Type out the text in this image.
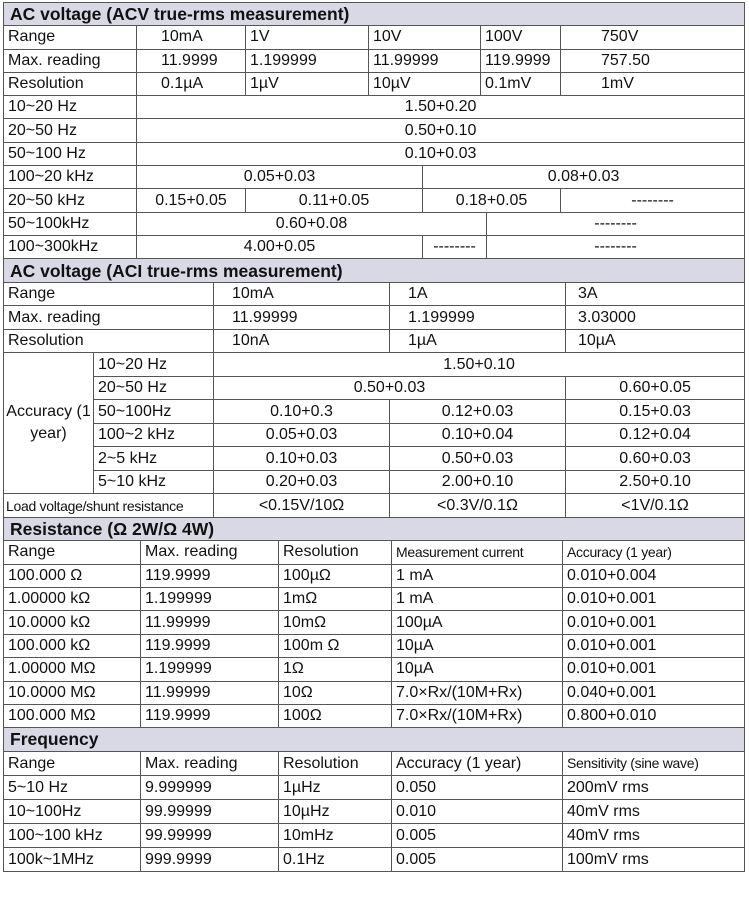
AC voltage (ACV true-rms measurement)							
Range	10mA	1V	10V		100V		750V
Max. reading	11.9999	1.199999	11.99999		119.9999		757.50
Resolution	0.1µA	1µV	10µV		0.1mV		1mV
10~20 Hz	1.50+0.20						
20~50 Hz	0.50+0.10						
50~100 Hz	0.10+0.03						
100~20 kHz	0.05+0.03			0.08+0.03			
20~50 kHz	0.15+0.05	0.11+0.05		0.18+0.05			--------
50~100kHz	0.60+0.08					--------	
100~300kHz	4.00+0.05			--------		--------	
AC voltage (ACI true-rms measurement)				
Range		10mA	1A	3A
Max. reading		11.99999	1.199999	3.03000
Resolution		10nA	1µA	10µA
Accuracy (1 year)	10~20 Hz	1.50+0.10		
	20~50 Hz	0.50+0.03		0.60+0.05
	50~100Hz	0.10+0.3	0.12+0.03	0.15+0.03
	100~2 kHz	0.05+0.03	0.10+0.04	0.12+0.04
	2~5 kHz	0.10+0.03	0.50+0.03	0.60+0.03
	5~10 kHz	0.20+0.03	2.00+0.10	2.50+0.10
Load voltage/shunt resistance		<0.15V/10Ω	<0.3V/0.1Ω	<1V/0.1Ω
Resistance (Ω 2W/Ω 4W)				
Range	Max. reading	Resolution	Measurement current	Accuracy (1 year)
100.000 Ω	119.9999	100µΩ	1 mA	0.010+0.004
1.00000 kΩ	1.199999	1mΩ	1 mA	0.010+0.001
10.0000 kΩ	11.99999	10mΩ	100µA	0.010+0.001
100.000 kΩ	119.9999	100m Ω	10µA	0.010+0.001
1.00000 MΩ	1.199999	1Ω	10µA	0.010+0.001
10.0000 MΩ	11.99999	10Ω	7.0×Rx/(10M+Rx)	0.040+0.001
100.000 MΩ	119.9999	100Ω	7.0×Rx/(10M+Rx)	0.800+0.010
Frequency				
Range	Max. reading	Resolution	Accuracy (1 year)	Sensitivity (sine wave)
5~10 Hz	9.999999	1µHz	0.050	200mV rms
10~100Hz	99.99999	10µHz	0.010	40mV rms
100~100 kHz	99.99999	10mHz	0.005	40mV rms
100k~1MHz	999.9999	0.1Hz	0.005	100mV rms
